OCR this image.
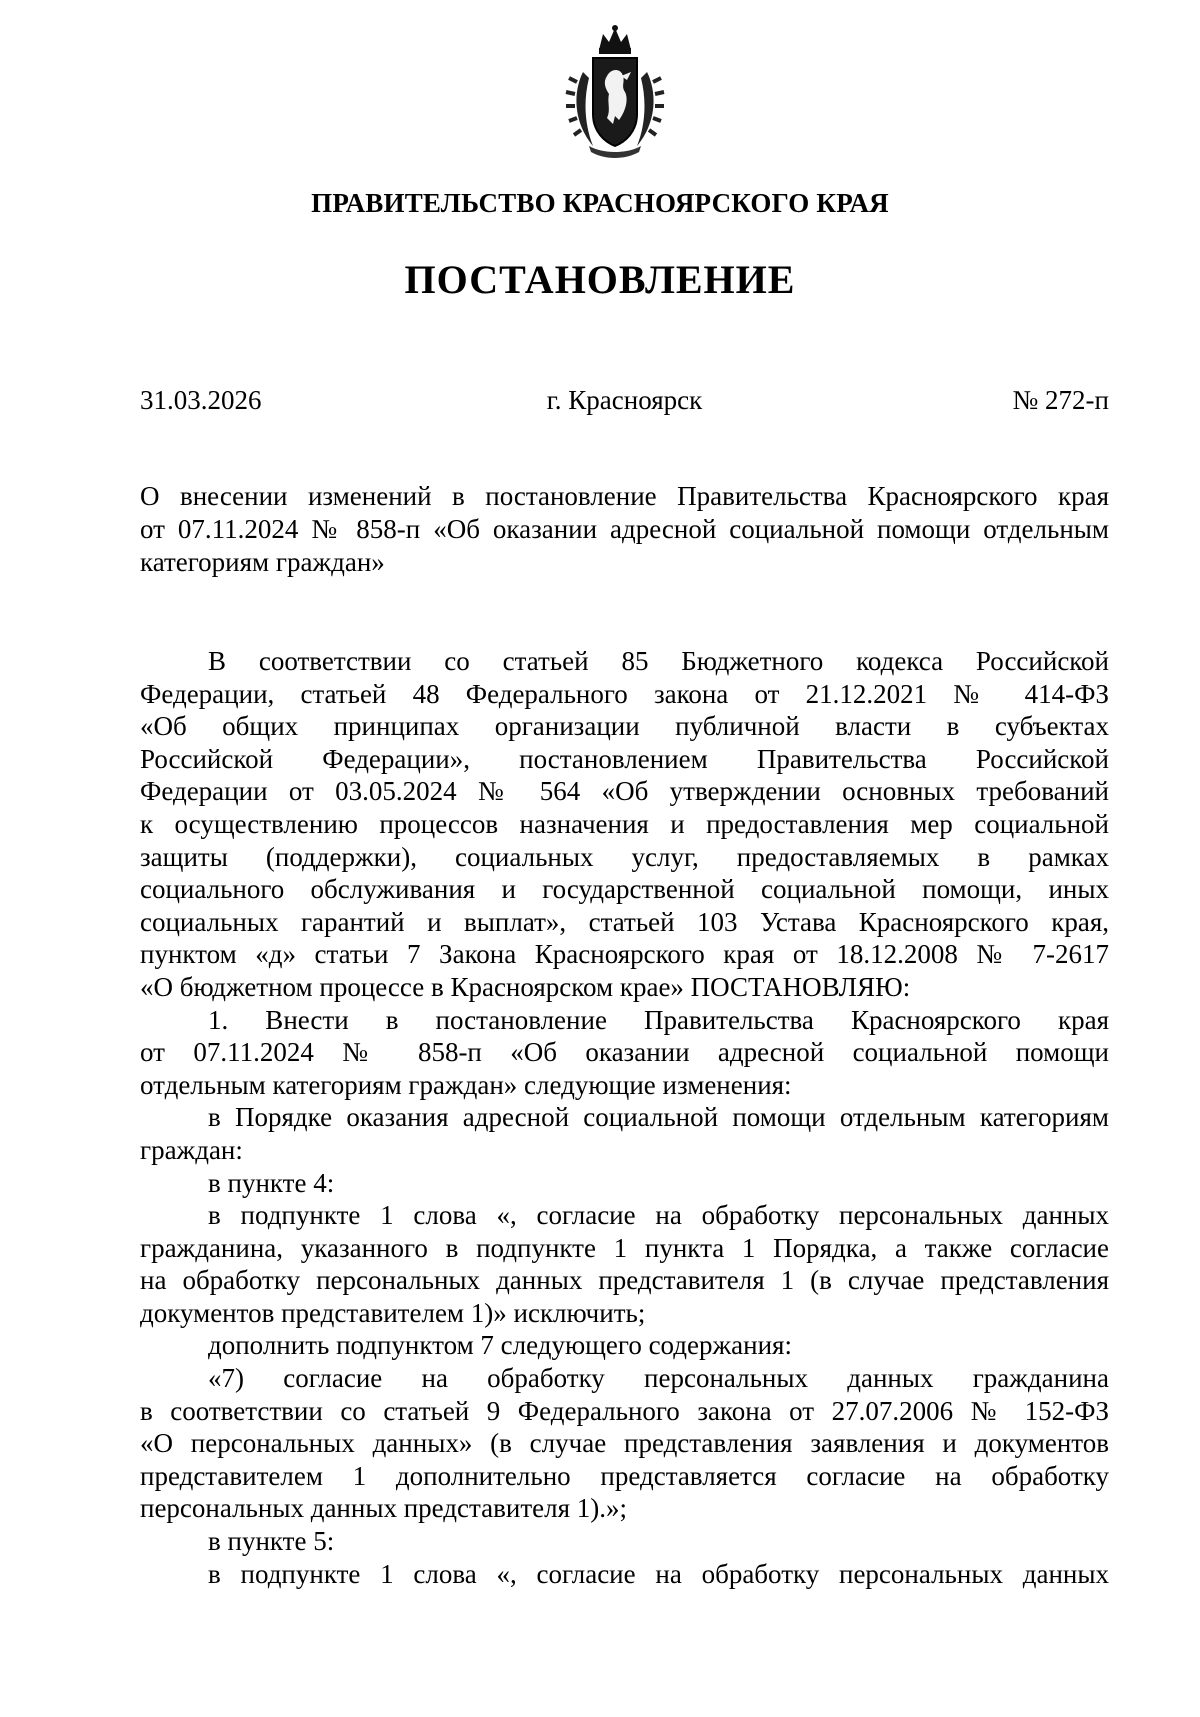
ПРАВИТЕЛЬСТВО КРАСНОЯРСКОГО КРАЯ
ПОСТАНОВЛЕНИЕ
31.03.2026	г. Красноярск	№ 272-п
О внесении изменений в постановление Правительства Красноярского края
от 07.11.2024 № 858-п «Об оказании адресной социальной помощи отдельным
категориям граждан»
В соответствии со статьей 85 Бюджетного кодекса Российской
Федерации, статьей 48 Федерального закона от 21.12.2021 № 414-ФЗ
«Об общих принципах организации публичной власти в субъектах
Российской Федерации», постановлением Правительства Российской
Федерации от 03.05.2024 № 564 «Об утверждении основных требований
к осуществлению процессов назначения и предоставления мер социальной
защиты (поддержки), социальных услуг, предоставляемых в рамках
социального обслуживания и государственной социальной помощи, иных
социальных гарантий и выплат», статьей 103 Устава Красноярского края,
пунктом «д» статьи 7 Закона Красноярского края от 18.12.2008 № 7-2617
«О бюджетном процессе в Красноярском крае» ПОСТАНОВЛЯЮ:
1. Внести в постановление Правительства Красноярского края
от 07.11.2024 № 858-п «Об оказании адресной социальной помощи
отдельным категориям граждан» следующие изменения:
в Порядке оказания адресной социальной помощи отдельным категориям
граждан:
в пункте 4:
в подпункте 1 слова «, согласие на обработку персональных данных
гражданина, указанного в подпункте 1 пункта 1 Порядка, а также согласие
на обработку персональных данных представителя 1 (в случае представления
документов представителем 1)» исключить;
дополнить подпунктом 7 следующего содержания:
«7) согласие на обработку персональных данных гражданина
в соответствии со статьей 9 Федерального закона от 27.07.2006 № 152-ФЗ
«О персональных данных» (в случае представления заявления и документов
представителем 1 дополнительно представляется согласие на обработку
персональных данных представителя 1).»;
в пункте 5:
в подпункте 1 слова «, согласие на обработку персональных данных
